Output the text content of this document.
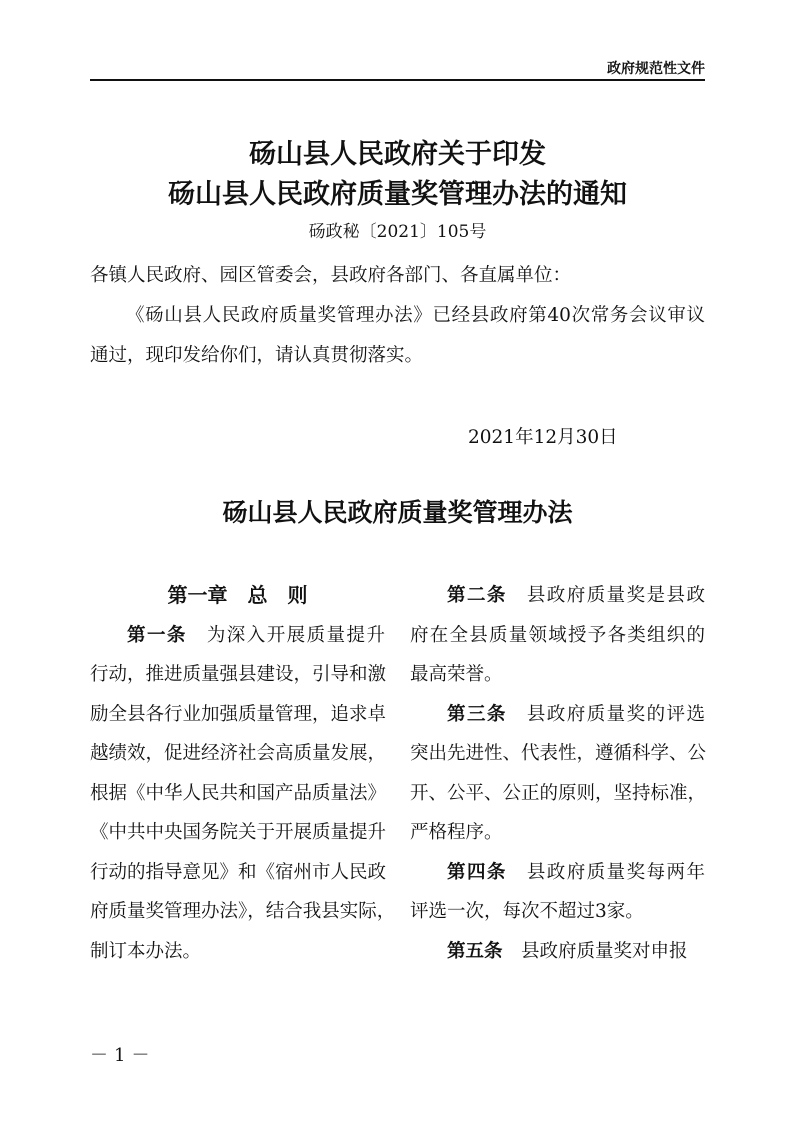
政府规范性文件
砀山县人民政府关于印发
砀山县人民政府质量奖管理办法的通知
砀政秘〔2021〕105号
各镇人民政府、园区管委会，县政府各部门、各直属单位：
《砀山县人民政府质量奖管理办法》已经县政府第40次常务会议审议
通过，现印发给你们，请认真贯彻落实。
2021年12月30日
砀山县人民政府质量奖管理办法
第一章　总　则
第一条　为深入开展质量提升
行动，推进质量强县建设，引导和激
励全县各行业加强质量管理，追求卓
越绩效，促进经济社会高质量发展，
根据《中华人民共和国产品质量法》
《中共中央国务院关于开展质量提升
行动的指导意见》和《宿州市人民政
府质量奖管理办法》，结合我县实际，
制订本办法。
第二条　县政府质量奖是县政
府在全县质量领域授予各类组织的
最高荣誉。
第三条　县政府质量奖的评选
突出先进性、代表性，遵循科学、公
开、公平、公正的原则，坚持标准，
严格程序。
第四条　县政府质量奖每两年
评选一次，每次不超过3家。
第五条　县政府质量奖对申报
－1－
